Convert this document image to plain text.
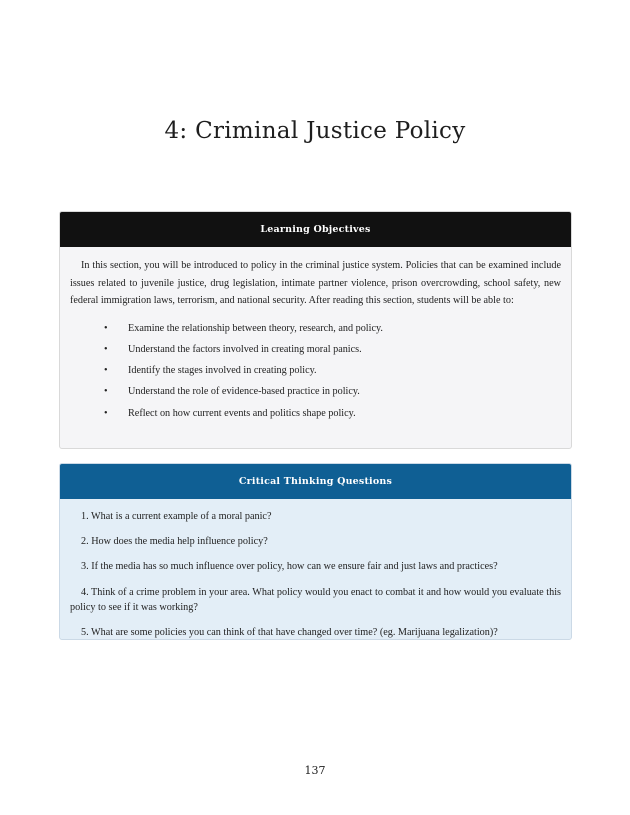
4: Criminal Justice Policy
Learning Objectives

In this section, you will be introduced to policy in the criminal justice system. Policies that can be examined include issues related to juvenile justice, drug legislation, intimate partner violence, prison overcrowding, school safety, new federal immigration laws, terrorism, and national security. After reading this section, students will be able to:

• Examine the relationship between theory, research, and policy.
• Understand the factors involved in creating moral panics.
• Identify the stages involved in creating policy.
• Understand the role of evidence-based practice in policy.
• Reflect on how current events and politics shape policy.
Critical Thinking Questions

1. What is a current example of a moral panic?

2. How does the media help influence policy?

3. If the media has so much influence over policy, how can we ensure fair and just laws and practices?

4. Think of a crime problem in your area. What policy would you enact to combat it and how would you evaluate this policy to see if it was working?

5. What are some policies you can think of that have changed over time? (eg. Marijuana legalization)?

137
